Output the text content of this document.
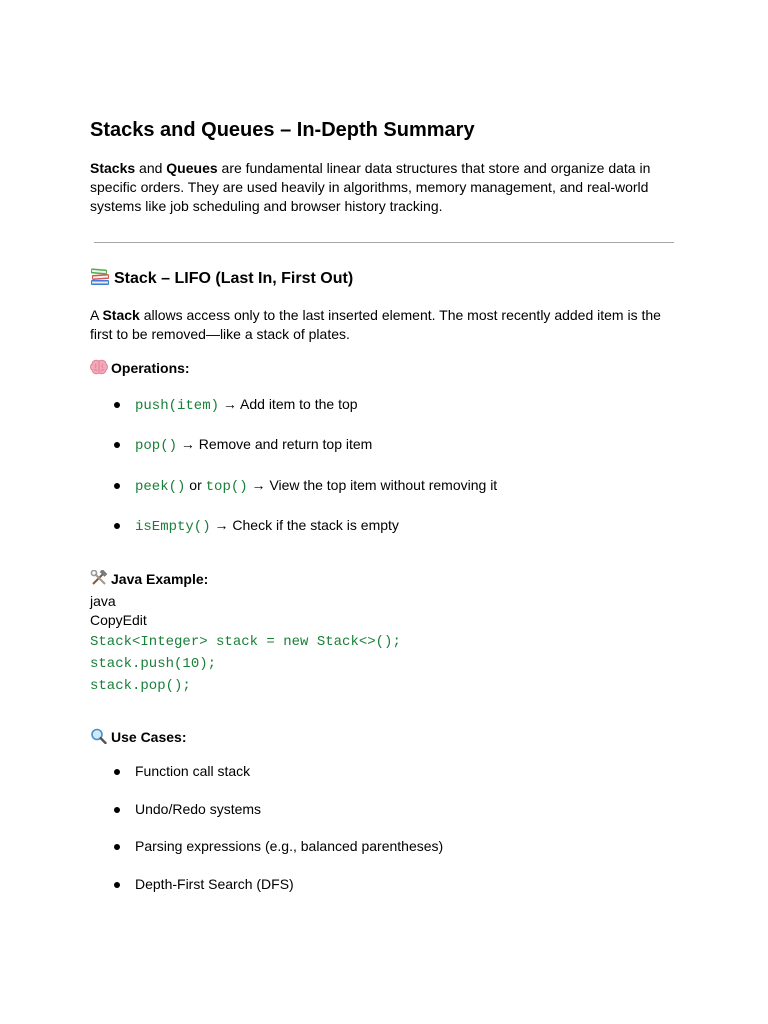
Stacks and Queues – In-Depth Summary

Stacks and Queues are fundamental linear data structures that store and organize data in specific orders. They are used heavily in algorithms, memory management, and real-world systems like job scheduling and browser history tracking.

Stack – LIFO (Last In, First Out)

A Stack allows access only to the last inserted element. The most recently added item is the first to be removed—like a stack of plates.

Operations:
push(item) → Add item to the top
pop() → Remove and return top item
peek() or top() → View the top item without removing it
isEmpty() → Check if the stack is empty
Java Example:

java

CopyEdit

Stack<Integer> stack = new Stack<>();
stack.push(10);
stack.pop();
Use Cases:
Function call stack
Undo/Redo systems
Parsing expressions (e.g., balanced parentheses)
Depth-First Search (DFS)
